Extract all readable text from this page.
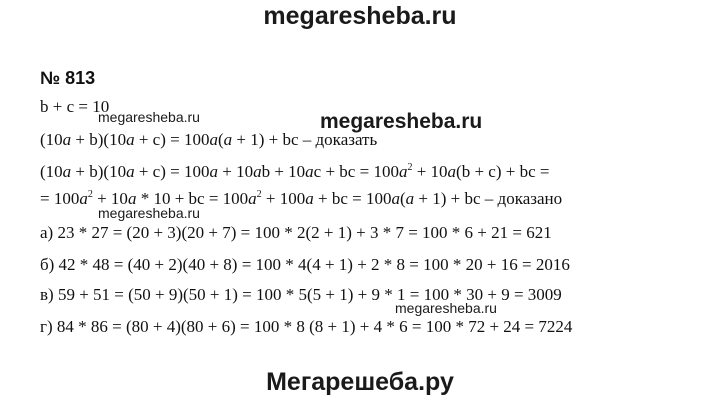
megaresheba.ru
№ 813
b + c = 10
megaresheba.ru	megaresheba.ru
(10a + b)(10a + c) = 100a(a + 1) + bc – доказать
(10a + b)(10a + c) = 100a + 10ab + 10ac + bc = $100a^2 + 10a(b + c)$ + bc =
= $100a^2 + 10a * 10$ + bc = $100a^2 + 100a$ + bc = 100a(a + 1) + bc – доказано
megaresheba.ru
а) 23 * 27 = (20 + 3)(20 + 7) = 100 * 2(2 + 1) + 3 * 7 = 100 * 6 + 21 = 621
б) 42 * 48 = (40 + 2)(40 + 8) = 100 * 4(4 + 1) + 2 * 8 = 100 * 20 + 16 = 2016
в) 59 + 51 = (50 + 9)(50 + 1) = 100 * 5(5 + 1) + 9 * 1 = 100 * 30 + 9 = 3009
megaresheba.ru
г) 84 * 86 = (80 + 4)(80 + 6) = 100 * 8 (8 + 1) + 4 * 6 = 100 * 72 + 24 = 7224
Мегарешеба.ру
